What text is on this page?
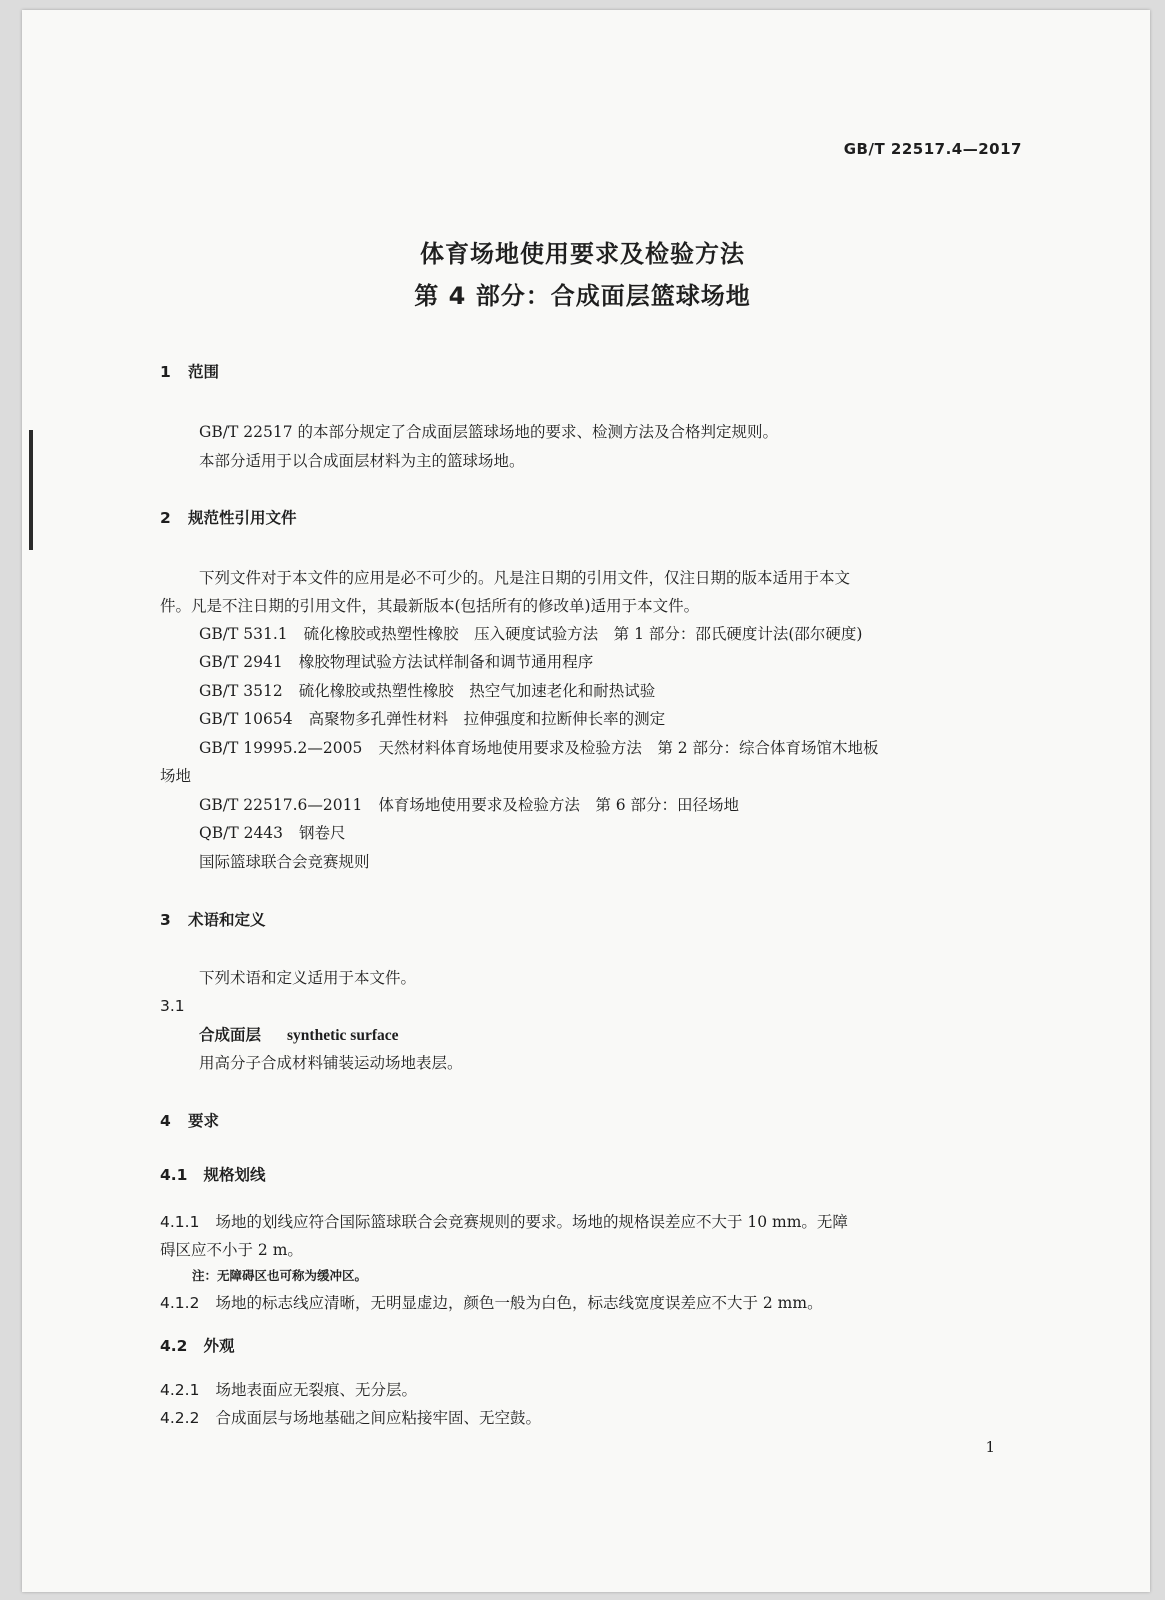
GB/T 22517.4—2017
体育场地使用要求及检验方法
第 4 部分：合成面层篮球场地
1 范围
GB/T 22517 的本部分规定了合成面层篮球场地的要求、检测方法及合格判定规则。
本部分适用于以合成面层材料为主的篮球场地。
2 规范性引用文件
下列文件对于本文件的应用是必不可少的。凡是注日期的引用文件，仅注日期的版本适用于本文
件。凡是不注日期的引用文件，其最新版本(包括所有的修改单)适用于本文件。
GB/T 531.1 硫化橡胶或热塑性橡胶　压入硬度试验方法　第 1 部分：邵氏硬度计法(邵尔硬度)
GB/T 2941 橡胶物理试验方法试样制备和调节通用程序
GB/T 3512 硫化橡胶或热塑性橡胶　热空气加速老化和耐热试验
GB/T 10654 高聚物多孔弹性材料　拉伸强度和拉断伸长率的测定
GB/T 19995.2—2005 天然材料体育场地使用要求及检验方法　第 2 部分：综合体育场馆木地板
场地
GB/T 22517.6—2011 体育场地使用要求及检验方法　第 6 部分：田径场地
QB/T 2443 钢卷尺
国际篮球联合会竞赛规则
3 术语和定义
下列术语和定义适用于本文件。
3.1
合成面层 synthetic surface
用高分子合成材料铺装运动场地表层。
4 要求
4.1 规格划线
4.1.1 场地的划线应符合国际篮球联合会竞赛规则的要求。场地的规格误差应不大于 10 mm。无障
碍区应不小于 2 m。
注：无障碍区也可称为缓冲区。
4.1.2 场地的标志线应清晰，无明显虚边，颜色一般为白色，标志线宽度误差应不大于 2 mm。
4.2 外观
4.2.1 场地表面应无裂痕、无分层。
4.2.2 合成面层与场地基础之间应粘接牢固、无空鼓。
1
